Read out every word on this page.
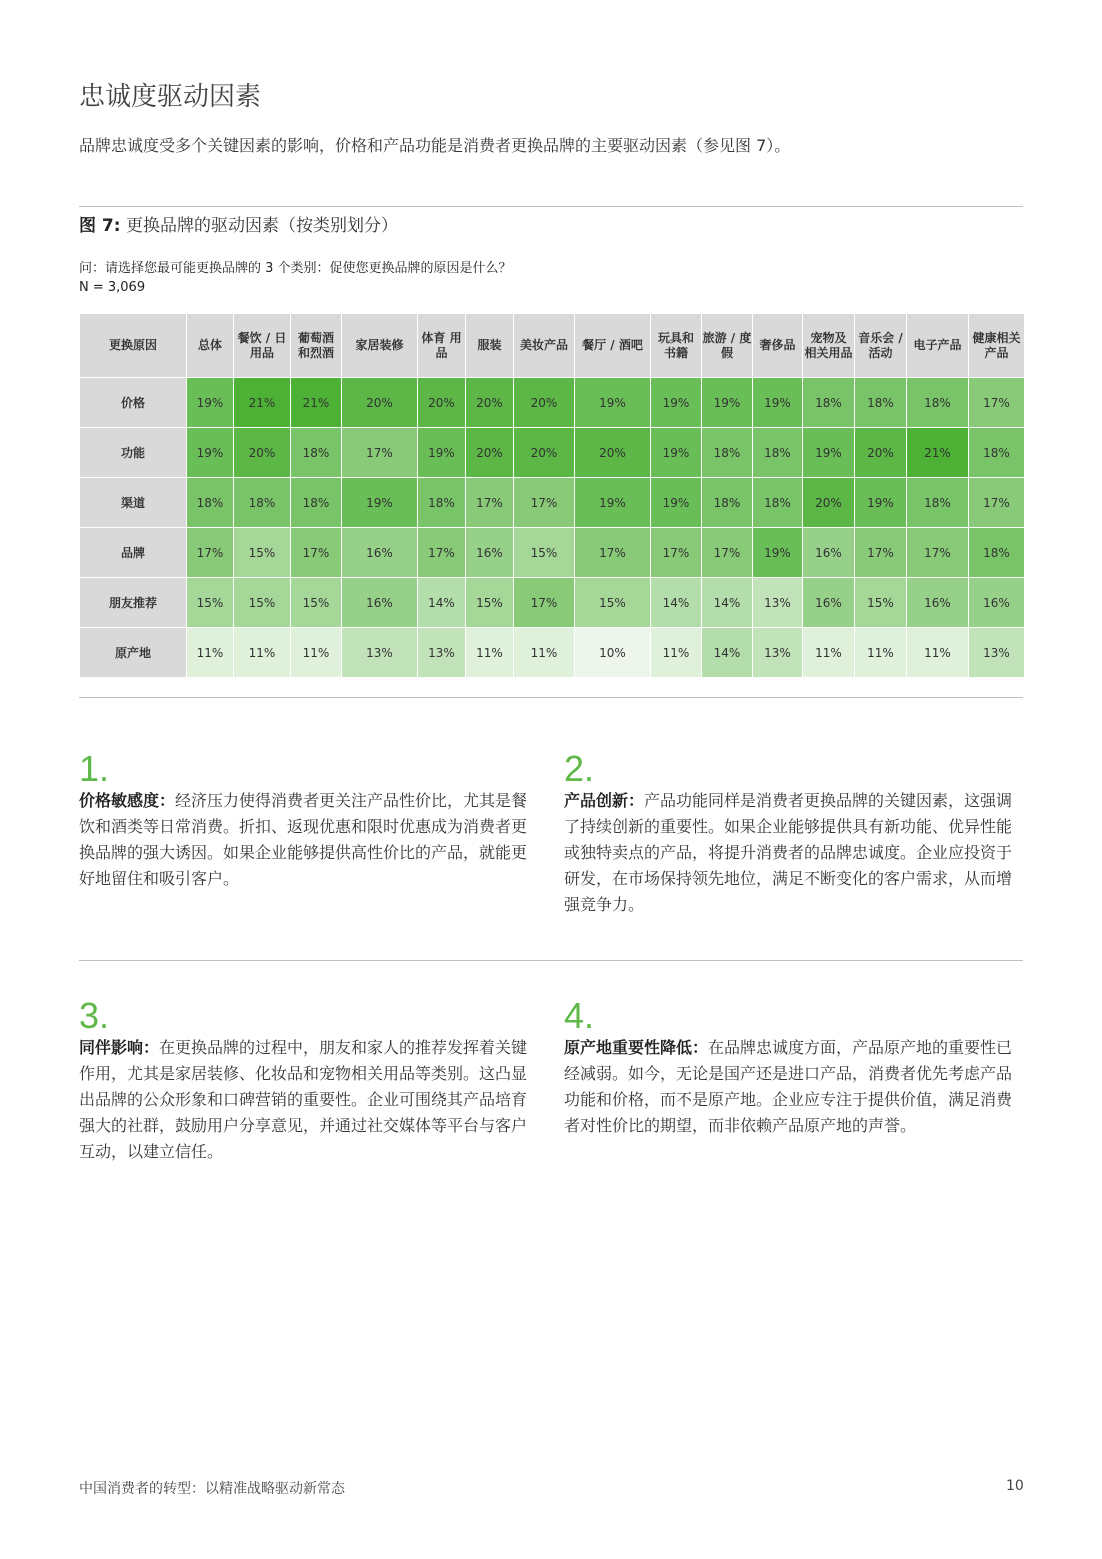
忠诚度驱动因素
品牌忠诚度受多个关键因素的影响，价格和产品功能是消费者更换品牌的主要驱动因素（参见图 7）。
图 7: 更换品牌的驱动因素（按类别划分）
问：请选择您最可能更换品牌的 3 个类别：促使您更换品牌的原因是什么？
N = 3,069
更换原因	总体	餐饮 / 日用品	葡萄酒 和烈酒	家居装修	体育 用品	服装	美妆产品	餐厅 / 酒吧	玩具和 书籍	旅游 / 度假	奢侈品	宠物及 相关用品	音乐会 / 活动	电子产品	健康相关 产品
价格	19%	21%	21%	20%	20%	20%	20%	19%	19%	19%	19%	18%	18%	18%	17%
功能	19%	20%	18%	17%	19%	20%	20%	20%	19%	18%	18%	19%	20%	21%	18%
渠道	18%	18%	18%	19%	18%	17%	17%	19%	19%	18%	18%	20%	19%	18%	17%
品牌	17%	15%	17%	16%	17%	16%	15%	17%	17%	17%	19%	16%	17%	17%	18%
朋友推荐	15%	15%	15%	16%	14%	15%	17%	15%	14%	14%	13%	16%	15%	16%	16%
原产地	11%	11%	11%	13%	13%	11%	11%	10%	11%	14%	13%	11%	11%	11%	13%
1.

价格敏感度：经济压力使得消费者更关注产品性价比，尤其是餐饮和酒类等日常消费。折扣、返现优惠和限时优惠成为消费者更换品牌的强大诱因。如果企业能够提供高性价比的产品，就能更好地留住和吸引客户。

2.

产品创新：产品功能同样是消费者更换品牌的关键因素，这强调了持续创新的重要性。如果企业能够提供具有新功能、优异性能或独特卖点的产品，将提升消费者的品牌忠诚度。企业应投资于研发，在市场保持领先地位，满足不断变化的客户需求，从而增强竞争力。

3.

同伴影响：在更换品牌的过程中，朋友和家人的推荐发挥着关键作用，尤其是家居装修、化妆品和宠物相关用品等类别。这凸显出品牌的公众形象和口碑营销的重要性。企业可围绕其产品培育强大的社群，鼓励用户分享意见，并通过社交媒体等平台与客户互动，以建立信任。

4.

原产地重要性降低：在品牌忠诚度方面，产品原产地的重要性已经减弱。如今，无论是国产还是进口产品，消费者优先考虑产品功能和价格，而不是原产地。企业应专注于提供价值，满足消费者对性价比的期望，而非依赖产品原产地的声誉。

中国消费者的转型：以精准战略驱动新常态	10
